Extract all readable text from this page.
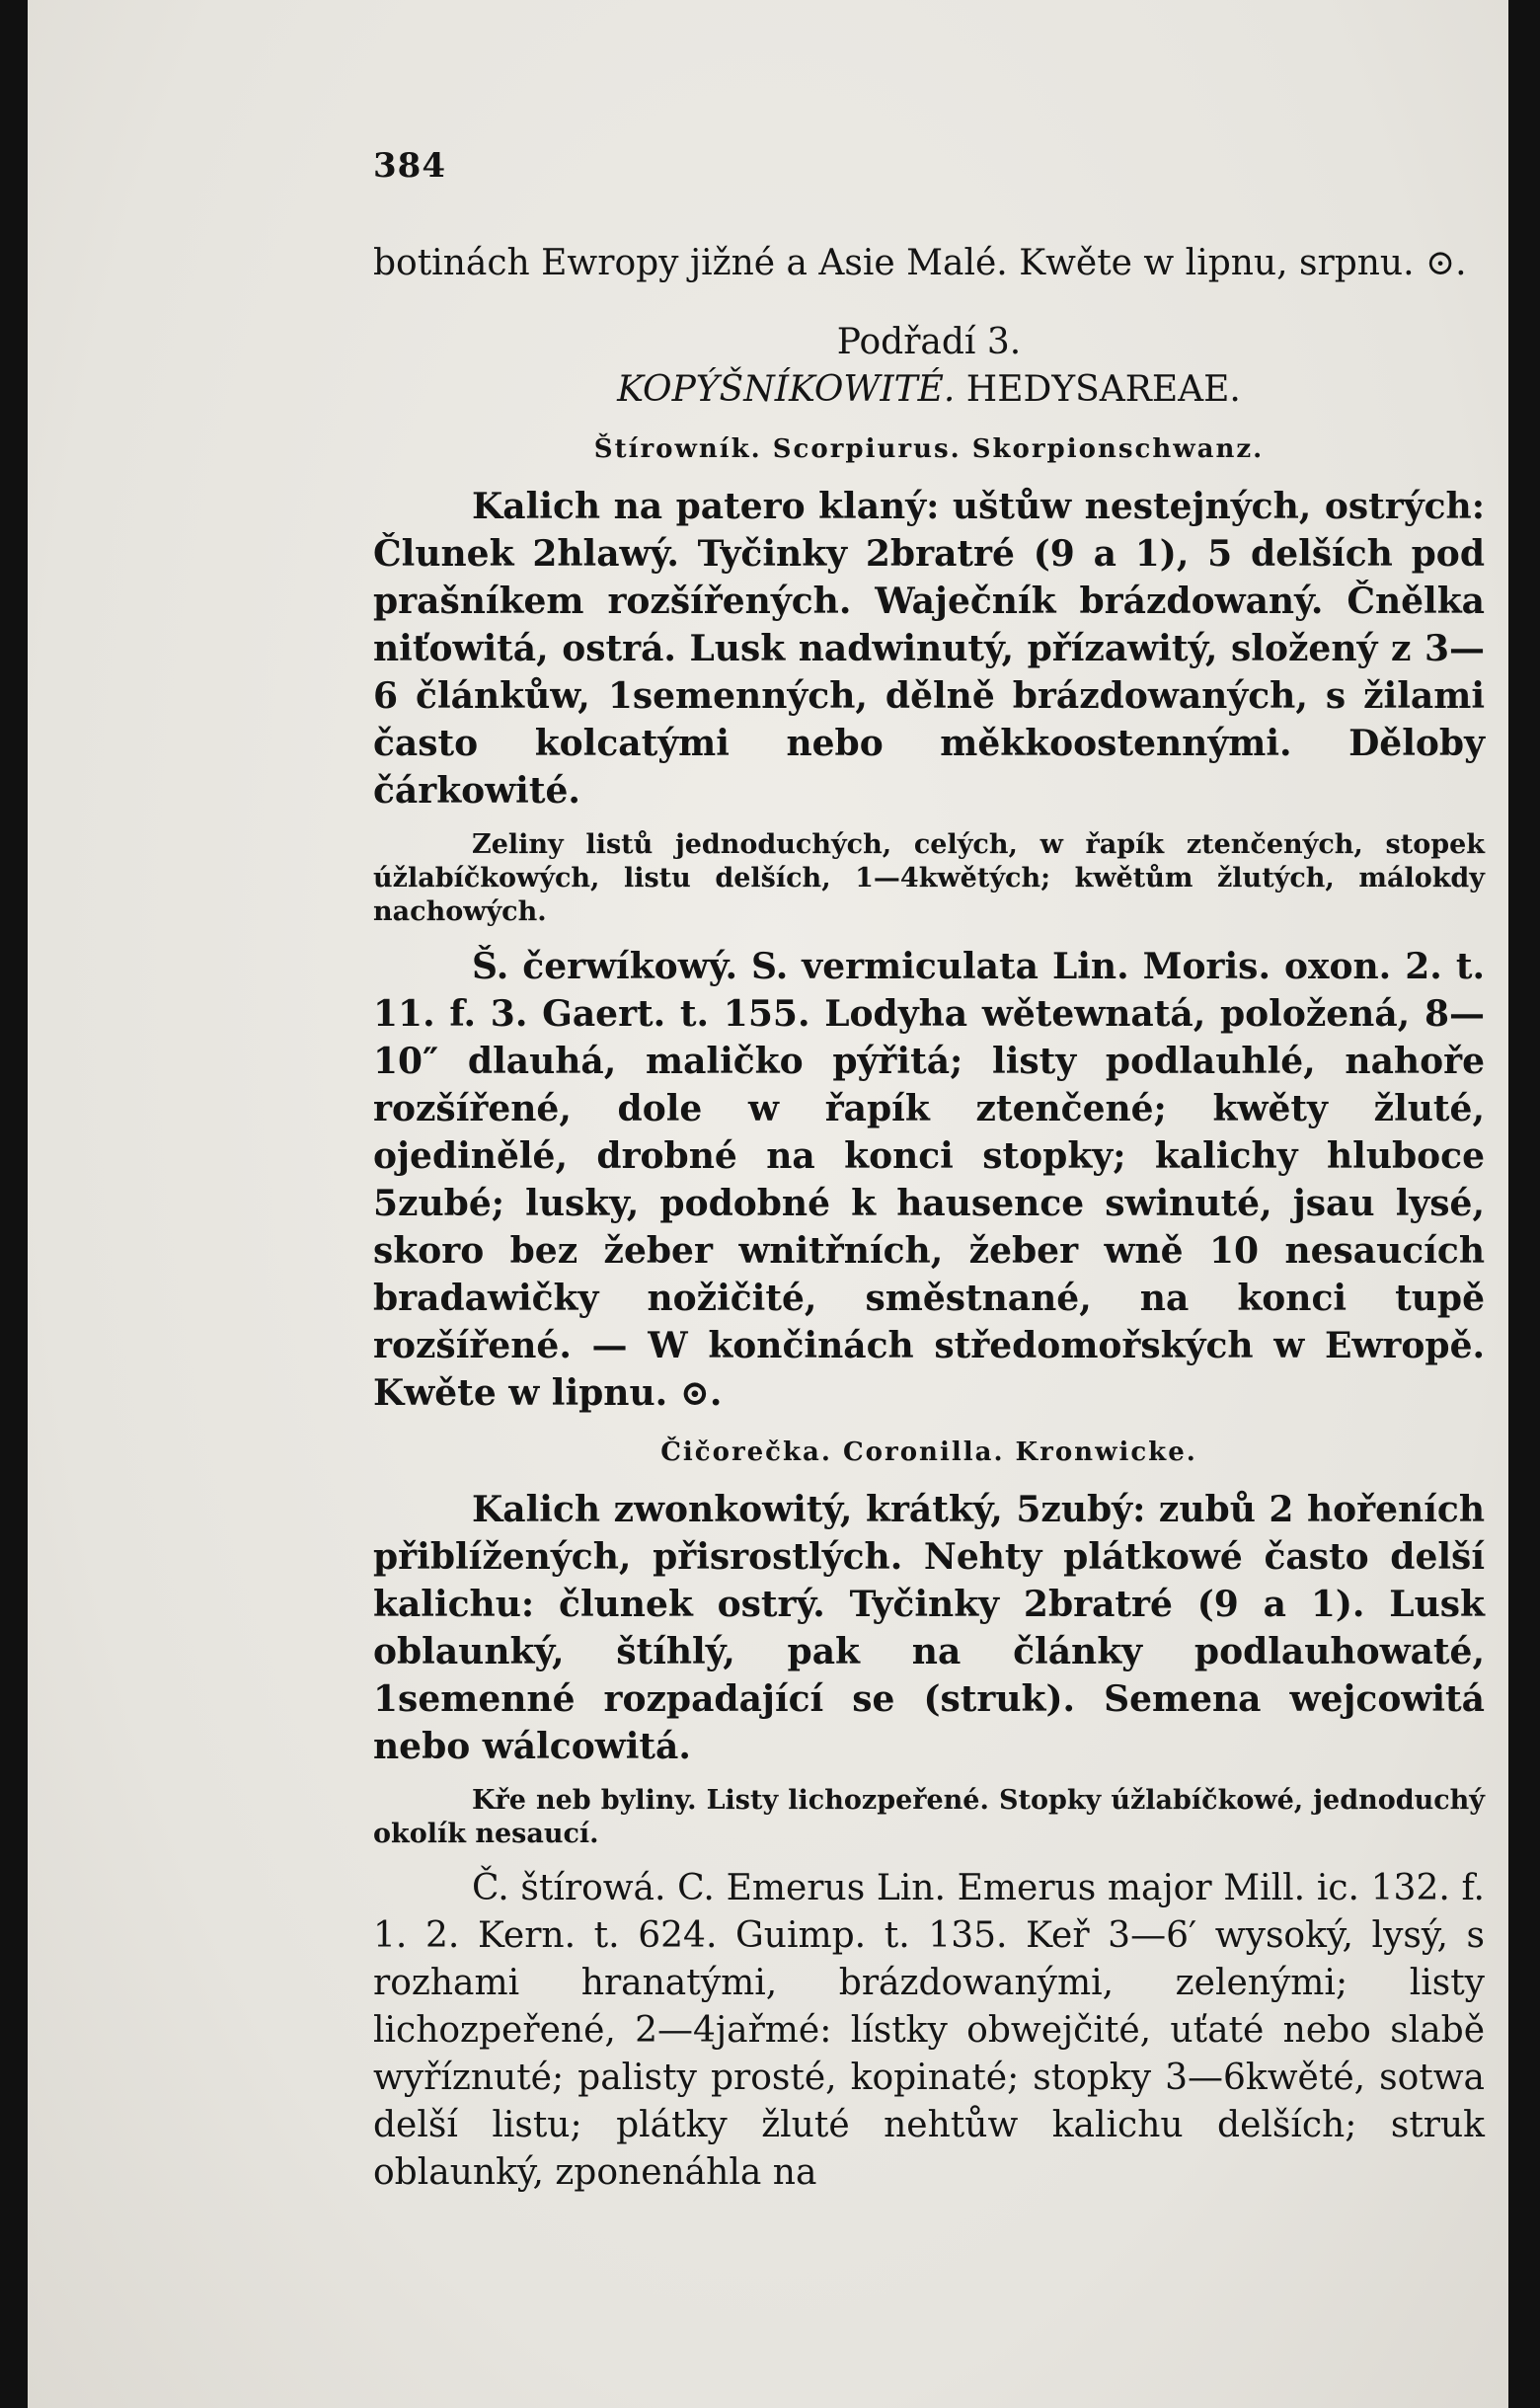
384

botinách Ewropy jižné a Asie Malé. Kwěte w lipnu, srpnu. ⊙.

Podřadí 3.

KOPÝŠNÍKOWITÉ. HEDYSAREAE.

Štírowník. Scorpiurus. Skorpionschwanz.

Kalich na patero klaný: uštůw nestejných, ostrých: Člunek 2hlawý. Tyčinky 2bratré (9 a 1), 5 delších pod prašníkem rozšířených. Waječník brázdowaný. Čnělka niťowitá, ostrá. Lusk nadwinutý, přízawitý, složený z 3—6 článkůw, 1semenných, dělně brázdowaných, s žilami často kolcatými nebo měkkoostennými. Děloby čárkowité.

Zeliny listů jednoduchých, celých, w řapík ztenčených, stopek úžlabíčkowých, listu delších, 1—4kwětých; kwětům žlutých, málokdy nachowých.

Š. čerwíkowý. S. vermiculata Lin. Moris. oxon. 2. t. 11. f. 3. Gaert. t. 155. Lodyha wětewnatá, položená, 8—10″ dlauhá, maličko pýřitá; listy podlauhlé, nahoře rozšířené, dole w řapík ztenčené; kwěty žluté, ojedinělé, drobné na konci stopky; kalichy hluboce 5zubé; lusky, podobné k hausence swinuté, jsau lysé, skoro bez žeber wnitřních, žeber wně 10 nesaucích bradawičky nožičité, směstnané, na konci tupě rozšířené. — W končinách středomořských w Ewropě. Kwěte w lipnu. ⊙.

Čičorečka. Coronilla. Kronwicke.

Kalich zwonkowitý, krátký, 5zubý: zubů 2 hořeních přiblížených, přisrostlých. Nehty plátkowé často delší kalichu: člunek ostrý. Tyčinky 2bratré (9 a 1). Lusk oblaunký, štíhlý, pak na články podlauhowaté, 1semenné rozpadající se (struk). Semena wejcowitá nebo wálcowitá.

Kře neb byliny. Listy lichozpeřené. Stopky úžlabíčkowé, jednoduchý okolík nesaucí.

Č. štírowá. C. Emerus Lin. Emerus major Mill. ic. 132. f. 1. 2. Kern. t. 624. Guimp. t. 135. Keř 3—6′ wysoký, lysý, s rozhami hranatými, brázdowanými, zelenými; listy lichozpeřené, 2—4jařmé: lístky obwejčité, uťaté nebo slabě wyříznuté; palisty prosté, kopinaté; stopky 3—6kwěté, sotwa delší listu; plátky žluté nehtůw kalichu delších; struk oblaunký, zponenáhla na
